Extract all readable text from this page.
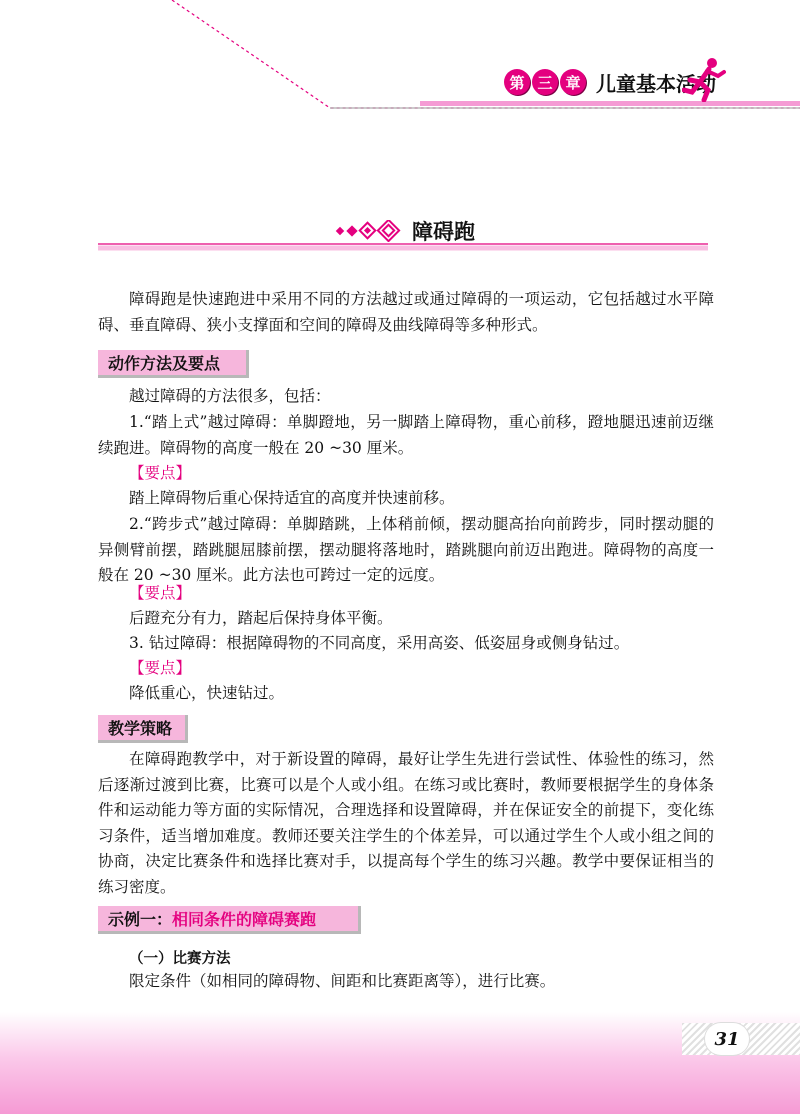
第 三 章 儿童基本活动
障碍跑

障碍跑是快速跑进中采用不同的方法越过或通过障碍的一项运动，它包括越过水平障碍、垂直障碍、狭小支撑面和空间的障碍及曲线障碍等多种形式。

动作方法及要点

越过障碍的方法很多，包括：

1.“踏上式”越过障碍：单脚蹬地，另一脚踏上障碍物，重心前移，蹬地腿迅速前迈继续跑进。障碍物的高度一般在 20 ~30 厘米。

【要点】

踏上障碍物后重心保持适宜的高度并快速前移。

2.“跨步式”越过障碍：单脚踏跳，上体稍前倾，摆动腿高抬向前跨步，同时摆动腿的异侧臂前摆，踏跳腿屈膝前摆，摆动腿将落地时，踏跳腿向前迈出跑进。障碍物的高度一般在 20 ~30 厘米。此方法也可跨过一定的远度。

【要点】

后蹬充分有力，踏起后保持身体平衡。

3. 钻过障碍：根据障碍物的不同高度，采用高姿、低姿屈身或侧身钻过。

【要点】

降低重心，快速钻过。

教学策略

在障碍跑教学中，对于新设置的障碍，最好让学生先进行尝试性、体验性的练习，然后逐渐过渡到比赛，比赛可以是个人或小组。在练习或比赛时，教师要根据学生的身体条件和运动能力等方面的实际情况，合理选择和设置障碍，并在保证安全的前提下，变化练习条件，适当增加难度。教师还要关注学生的个体差异，可以通过学生个人或小组之间的协商，决定比赛条件和选择比赛对手，以提高每个学生的练习兴趣。教学中要保证相当的练习密度。

示例一： 相同条件的障碍赛跑
（一）比赛方法

限定条件（如相同的障碍物、间距和比赛距离等），进行比赛。

31
